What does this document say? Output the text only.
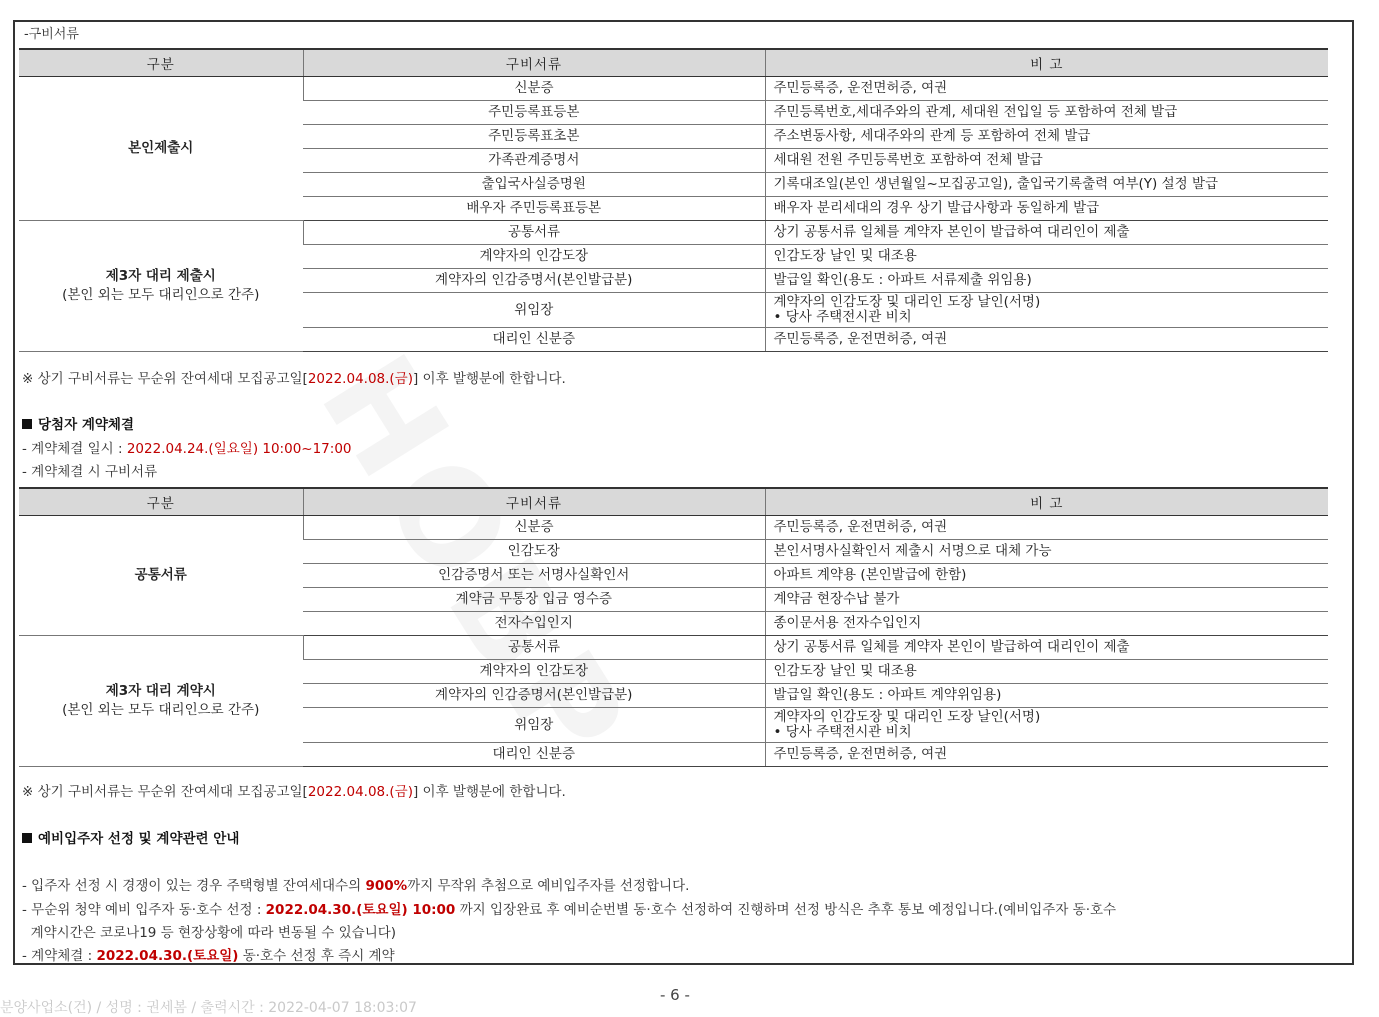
-구비서류
구분	구비서류	비 고
본인제출시	신분증	주민등록증, 운전면허증, 여권
	주민등록표등본	주민등록번호,세대주와의 관계, 세대원 전입일 등 포함하여 전체 발급
	주민등록표초본	주소변동사항, 세대주와의 관계 등 포함하여 전체 발급
	가족관계증명서	세대원 전원 주민등록번호 포함하여 전체 발급
	출입국사실증명원	기록대조일(본인 생년월일~모집공고일), 출입국기록출력 여부(Y) 설정 발급
	배우자 주민등록표등본	배우자 분리세대의 경우 상기 발급사항과 동일하게 발급
제3자 대리 제출시
(본인 외는 모두 대리인으로 간주)	공통서류	상기 공통서류 일체를 계약자 본인이 발급하여 대리인이 제출
	계약자의 인감도장	인감도장 날인 및 대조용
	계약자의 인감증명서(본인발급분)	발급일 확인(용도 : 아파트 서류제출 위임용)
	위임장	계약자의 인감도장 및 대리인 도장 날인(서명)
• 당사 주택전시관 비치

	대리인 신분증	주민등록증, 운전면허증, 여권
※ 상기 구비서류는 무순위 잔여세대 모집공고일[2022.04.08.(금)] 이후 발행분에 한합니다.
당첨자 계약체결
- 계약체결 일시 : 2022.04.24.(일요일) 10:00~17:00
- 계약체결 시 구비서류
구분	구비서류	비 고
공통서류	신분증	주민등록증, 운전면허증, 여권
	인감도장	본인서명사실확인서 제출시 서명으로 대체 가능
	인감증명서 또는 서명사실확인서	아파트 계약용 (본인발급에 한함)
	계약금 무통장 입금 영수증	계약금 현장수납 불가
	전자수입인지	종이문서용 전자수입인지
제3자 대리 계약시
(본인 외는 모두 대리인으로 간주)	공통서류	상기 공통서류 일체를 계약자 본인이 발급하여 대리인이 제출
	계약자의 인감도장	인감도장 날인 및 대조용
	계약자의 인감증명서(본인발급분)	발급일 확인(용도 : 아파트 계약위임용)
	위임장	계약자의 인감도장 및 대리인 도장 날인(서명)
• 당사 주택전시관 비치

	대리인 신분증	주민등록증, 운전면허증, 여권
※ 상기 구비서류는 무순위 잔여세대 모집공고일[2022.04.08.(금)] 이후 발행분에 한합니다.
예비입주자 선정 및 계약관련 안내
- 입주자 선정 시 경쟁이 있는 경우 주택형별 잔여세대수의 900%까지 무작위 추첨으로 예비입주자를 선정합니다.
- 무순위 청약 예비 입주자 동·호수 선정 : 2022.04.30.(토요일) 10:00 까지 입장완료 후 예비순번별 동·호수 선정하여 진행하며 선정 방식은 추후 통보 예정입니다.(예비입주자 동·호수
계약시간은 코로나19 등 현장상황에 따라 변동될 수 있습니다)
- 계약체결 : 2022.04.30.(토요일) 동·호수 선정 후 즉시 계약
- 6 -
분양사업소(건) / 성명 : 권세봄 / 출력시간 : 2022-04-07 18:03:07
